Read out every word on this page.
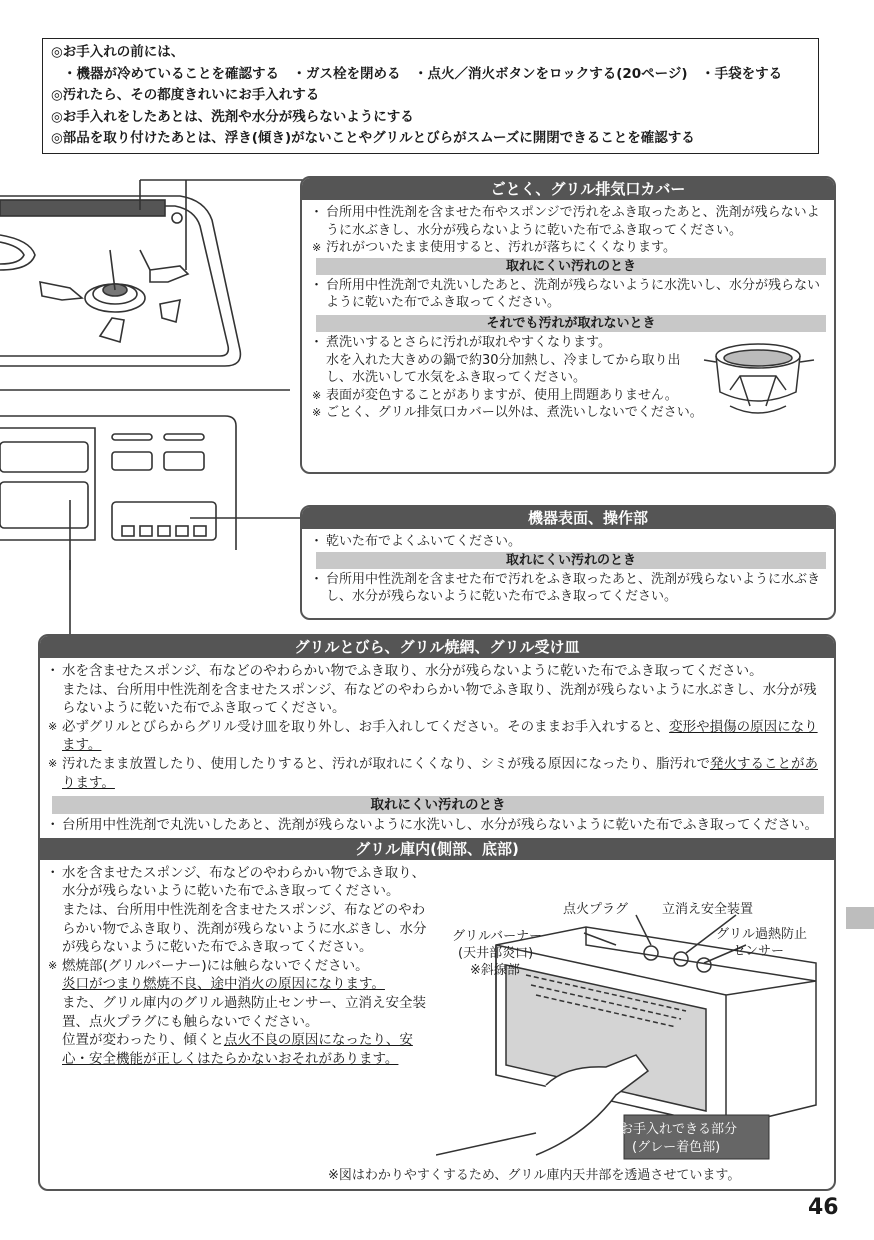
◎お手入れの前には、
・機器が冷めていることを確認する　・ガス栓を閉める　・点火／消火ボタンをロックする(20ページ)　・手袋をする
◎汚れたら、その都度きれいにお手入れする
◎お手入れをしたあとは、洗剤や水分が残らないようにする
◎部品を取り付けたあとは、浮き(傾き)がないことやグリルとびらがスムーズに開閉できることを確認する
ごとく、グリル排気口カバー
・ 台所用中性洗剤を含ませた布やスポンジで汚れをふき取ったあと、洗剤が残らないように水ぶきし、水分が残らないように乾いた布でふき取ってください。
※ 汚れがついたまま使用すると、汚れが落ちにくくなります。
取れにくい汚れのとき
・ 台所用中性洗剤で丸洗いしたあと、洗剤が残らないように水洗いし、水分が残らないように乾いた布でふき取ってください。
それでも汚れが取れないとき
・ 煮洗いするとさらに汚れが取れやすくなります。
水を入れた大きめの鍋で約30分加熱し、冷ましてから取り出し、水洗いして水気をふき取ってください。
※ 表面が変色することがありますが、使用上問題ありません。
※ ごとく、グリル排気口カバー以外は、煮洗いしないでください。
機器表面、操作部
・ 乾いた布でよくふいてください。
取れにくい汚れのとき
・ 台所用中性洗剤を含ませた布で汚れをふき取ったあと、洗剤が残らないように水ぶきし、水分が残らないように乾いた布でふき取ってください。
グリルとびら、グリル焼網、グリル受け皿
・ 水を含ませたスポンジ、布などのやわらかい物でふき取り、水分が残らないように乾いた布でふき取ってください。
または、台所用中性洗剤を含ませたスポンジ、布などのやわらかい物でふき取り、洗剤が残らないように水ぶきし、水分が残らないように乾いた布でふき取ってください。
※ 必ずグリルとびらからグリル受け皿を取り外し、お手入れしてください。そのままお手入れすると、変形や損傷の原因になります。
※ 汚れたまま放置したり、使用したりすると、汚れが取れにくくなり、シミが残る原因になったり、脂汚れで発火することがあります。
取れにくい汚れのとき
・ 台所用中性洗剤で丸洗いしたあと、洗剤が残らないように水洗いし、水分が残らないように乾いた布でふき取ってください。
グリル庫内(側部、底部)
・ 水を含ませたスポンジ、布などのやわらかい物でふき取り、水分が残らないように乾いた布でふき取ってください。
または、台所用中性洗剤を含ませたスポンジ、布などのやわらかい物でふき取り、洗剤が残らないように水ぶきし、水分が残らないように乾いた布でふき取ってください。
※ 燃焼部(グリルバーナー)には触らないでください。
炎口がつまり燃焼不良、途中消火の原因になります。
また、グリル庫内のグリル過熱防止センサー、立消え安全装置、点火プラグにも触らないでください。
位置が変わったり、傾くと点火不良の原因になったり、安心・安全機能が正しくはたらかないおそれがあります。
点火プラグ	立消え安全装置
グリルバーナー
(天井部炎口)
※斜線部
グリル過熱防止
センサー
お手入れできる部分
(グレー着色部)
※図はわかりやすくするため、グリル庫内天井部を透過させています。
46
